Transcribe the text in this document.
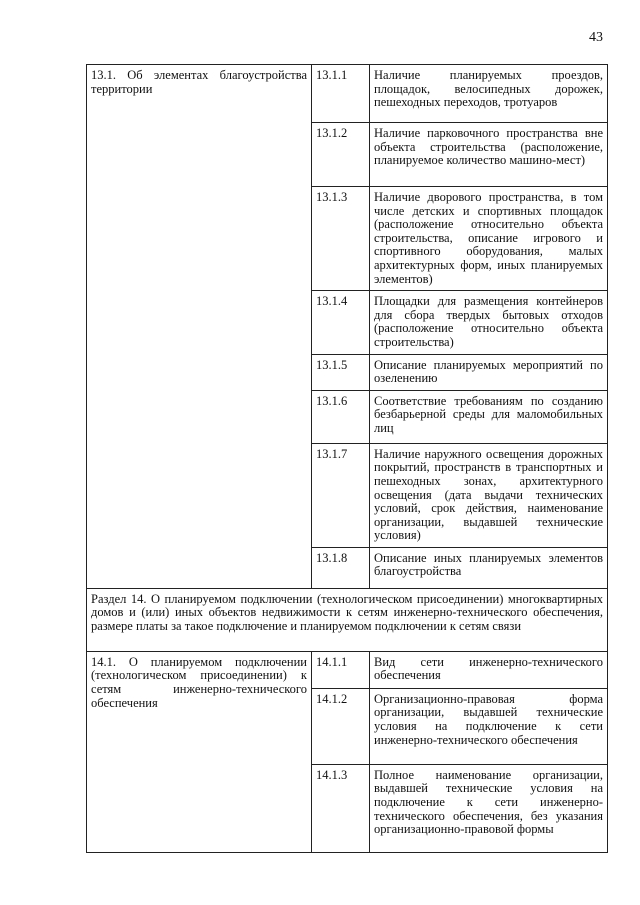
43
13.1. Об элементах благоустройства территории	13.1.1	Наличие планируемых проездов, площадок, велосипедных дорожек, пешеходных переходов, тротуаров
	13.1.2	Наличие парковочного пространства вне объекта строительства (расположение, планируемое количество машино-мест)
	13.1.3	Наличие дворового пространства, в том числе детских и спортивных площадок (расположение относительно объекта строительства, описание игрового и спортивного оборудования, малых архитектурных форм, иных планируемых элементов)
	13.1.4	Площадки для размещения контейнеров для сбора твердых бытовых отходов (расположение относительно объекта строительства)
	13.1.5	Описание планируемых мероприятий по озеленению
	13.1.6	Соответствие требованиям по созданию безбарьерной среды для маломобильных лиц
	13.1.7	Наличие наружного освещения дорожных покрытий, пространств в транспортных и пешеходных зонах, архитектурного освещения (дата выдачи технических условий, срок действия, наименование организации, выдавшей технические условия)
	13.1.8	Описание иных планируемых элементов благоустройства
Раздел 14. О планируемом подключении (технологическом присоединении) многоквартирных домов и (или) иных объектов недвижимости к сетям инженерно-технического обеспечения, размере платы за такое подключение и планируемом подключении к сетям связи		
14.1. О планируемом подключении (технологическом присоединении) к сетям инженерно-технического обеспечения	14.1.1	Вид сети инженерно-технического обеспечения
	14.1.2	Организационно-правовая форма организации, выдавшей технические условия на подключение к сети инженерно-технического обеспечения
	14.1.3	Полное наименование организации, выдавшей технические условия на подключение к сети инженерно-технического обеспечения, без указания организационно-правовой формы
